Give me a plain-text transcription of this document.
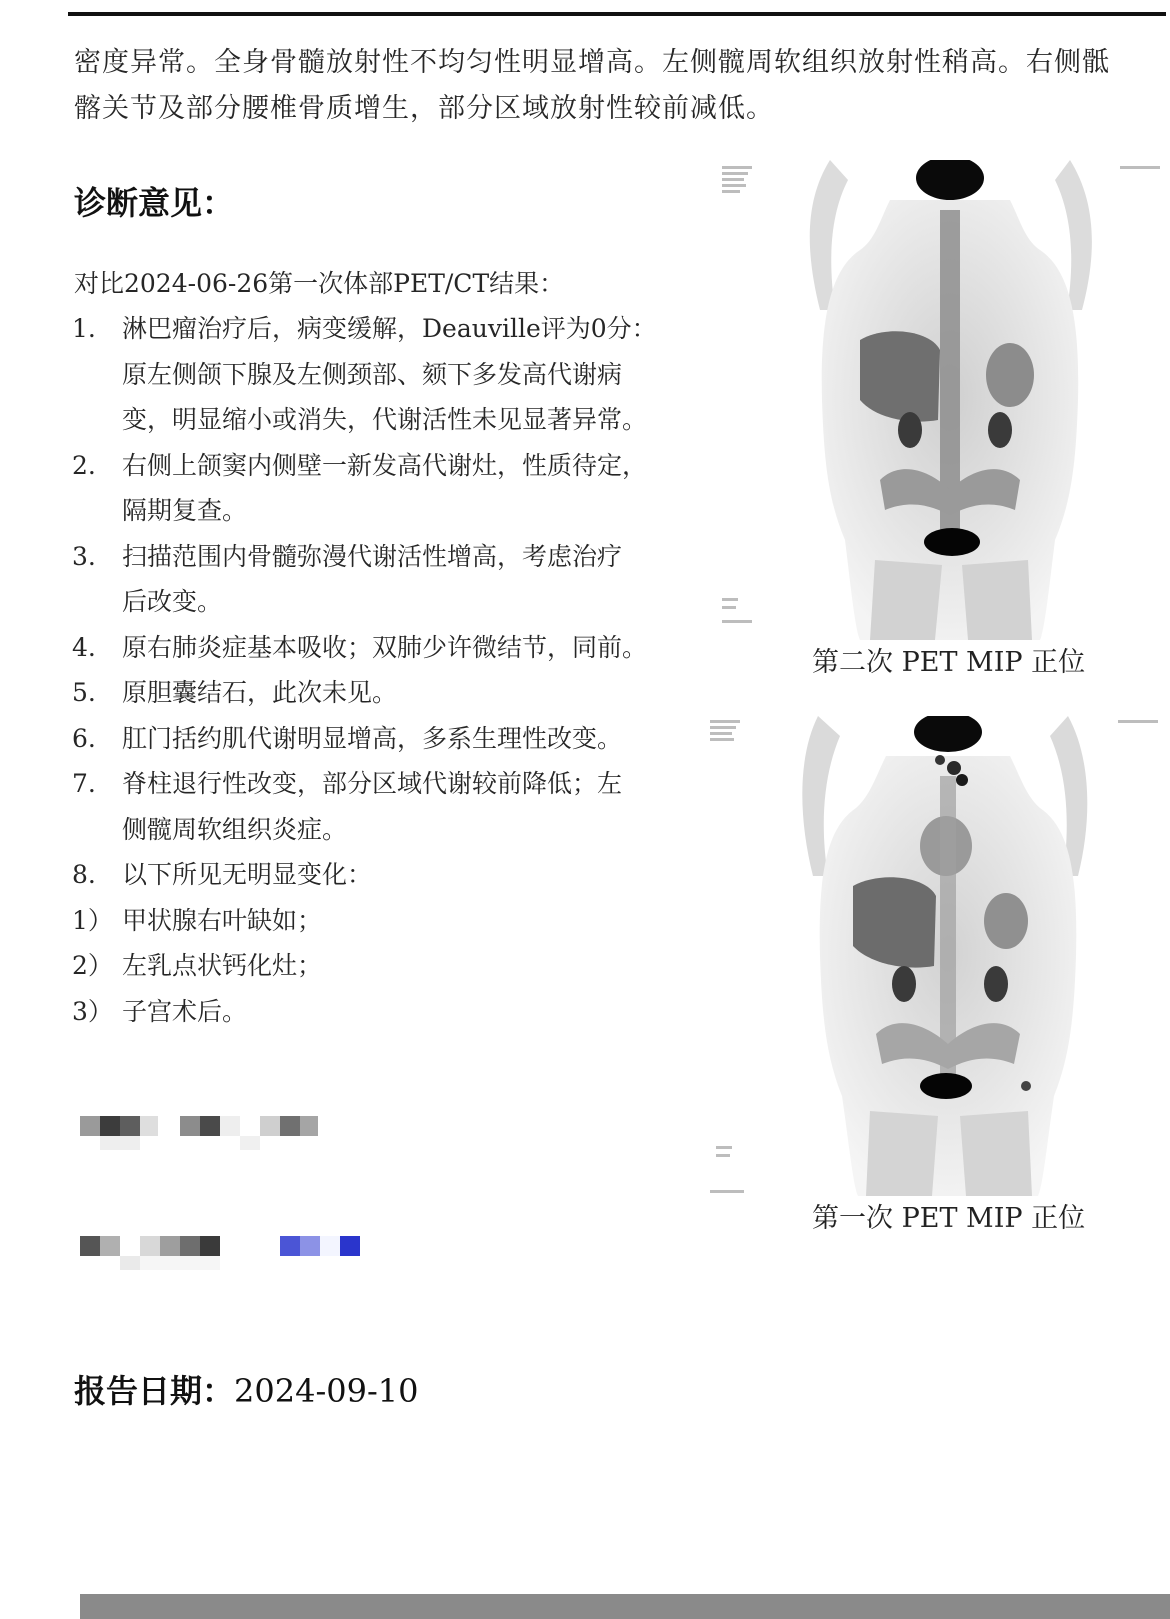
密度异常。全身骨髓放射性不均匀性明显增高。左侧髋周软组织放射性稍高。右侧骶

髂关节及部分腰椎骨质增生，部分区域放射性较前减低。

诊断意见：
对比2024-06-26第一次体部PET/CT结果：
1.	淋巴瘤治疗后，病变缓解，Deauville评为0分：
原左侧颌下腺及左侧颈部、颏下多发高代谢病
变，明显缩小或消失，代谢活性未见显著异常。
2.	右侧上颌窦内侧壁一新发高代谢灶，性质待定，
隔期复查。
3.	扫描范围内骨髓弥漫代谢活性增高，考虑治疗
后改变。
4.	原右肺炎症基本吸收；双肺少许微结节，同前。
5.	原胆囊结石，此次未见。
6.	肛门括约肌代谢明显增高，多系生理性改变。
7.	脊柱退行性改变，部分区域代谢较前降低；左
侧髋周软组织炎症。
8.	以下所见无明显变化：
1） 甲状腺右叶缺如；
2） 左乳点状钙化灶；
3） 子宫术后。
报告日期：2024-09-10
第二次 PET MIP 正位
第一次 PET MIP 正位
